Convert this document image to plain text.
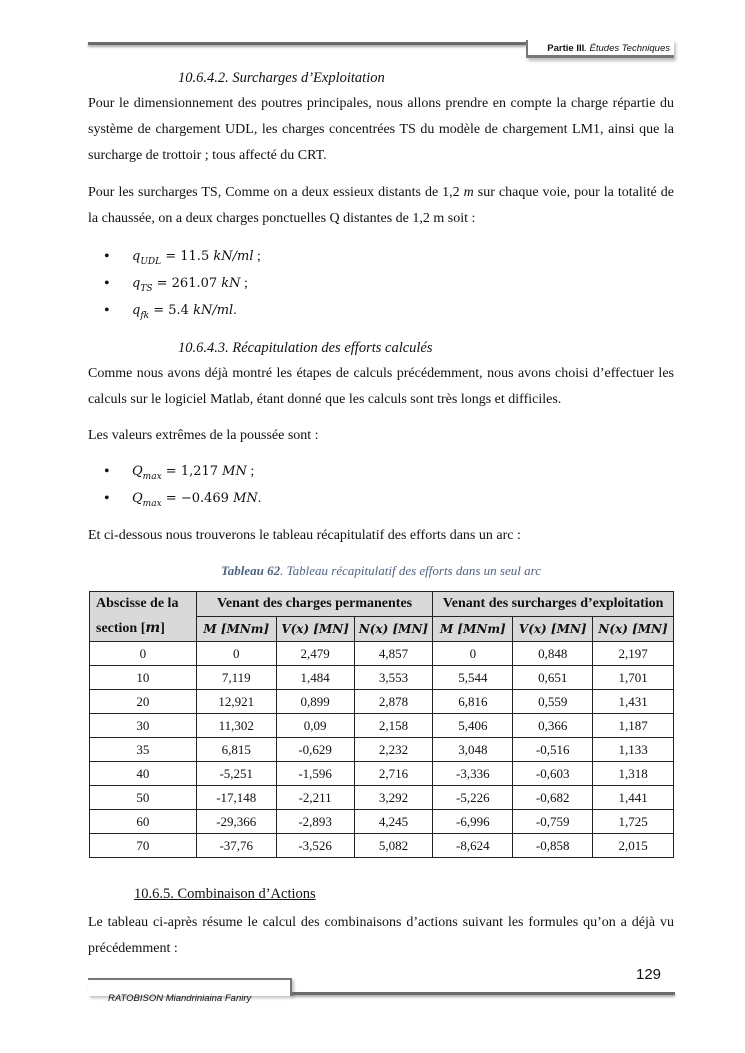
Partie III. Études Techniques
10.6.4.2. Surcharges d’Exploitation
Pour le dimensionnement des poutres principales, nous allons prendre en compte la charge répartie du système de chargement UDL, les charges concentrées TS du modèle de chargement LM1, ainsi que la surcharge de trottoir ; tous affecté du CRT.
Pour les surcharges TS, Comme on a deux essieux distants de 1,2 m sur chaque voie, pour la totalité de la chaussée, on a deux charges ponctuelles Q distantes de 1,2 m soit :
• $q_{UDL} = 11.5$ kN/ml ;
• $q_{TS} = 261.07$ kN ;
• $q_{fk} = 5.4$ kN/ml.
10.6.4.3. Récapitulation des efforts calculés
Comme nous avons déjà montré les étapes de calculs précédemment, nous avons choisi d’effectuer les calculs sur le logiciel Matlab, étant donné que les calculs sont très longs et difficiles.
Les valeurs extrêmes de la poussée sont :
• $Q_{max} = 1,217$ MN ;
• $Q_{max} = -0.469$ MN.
Et ci-dessous nous trouverons le tableau récapitulatif des efforts dans un arc :
Tableau 62. Tableau récapitulatif des efforts dans un seul arc
Abscisse de la
section [m]	Venant des charges permanentes			Venant des surcharges d’exploitation		
	M [MNm]	V(x) [MN]	N(x) [MN]	M [MNm]	V(x) [MN]	N(x) [MN]
0	0	2,479	4,857	0	0,848	2,197
10	7,119	1,484	3,553	5,544	0,651	1,701
20	12,921	0,899	2,878	6,816	0,559	1,431
30	11,302	0,09	2,158	5,406	0,366	1,187
35	6,815	-0,629	2,232	3,048	-0,516	1,133
40	-5,251	-1,596	2,716	-3,336	-0,603	1,318
50	-17,148	-2,211	3,292	-5,226	-0,682	1,441
60	-29,366	-2,893	4,245	-6,996	-0,759	1,725
70	-37,76	-3,526	5,082	-8,624	-0,858	2,015
10.6.5. Combinaison d’Actions
Le tableau ci-après résume le calcul des combinaisons d’actions suivant les formules qu’on a déjà vu précédemment :
129
RATOBISON Miandriniaina Faniry
